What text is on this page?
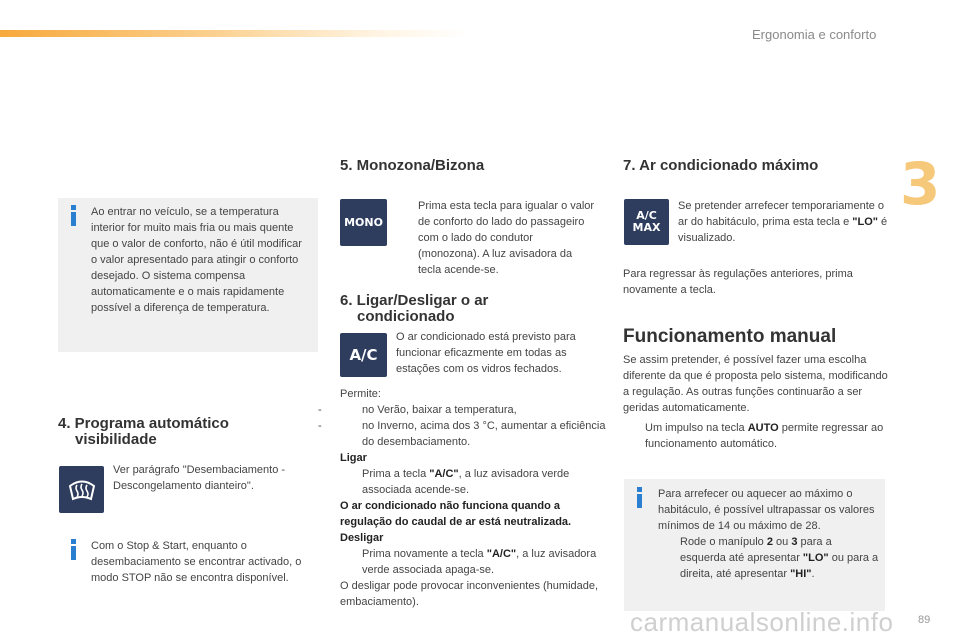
Ergonomia e conforto
3
Ao entrar no veículo, se a temperatura interior for muito mais fria ou mais quente que o valor de conforto, não é útil modificar o valor apresentado para atingir o conforto desejado. O sistema compensa automaticamente e o mais rapidamente possível a diferença de temperatura.
4. Programa automático
visibilidade
Ver parágrafo "Desembaciamento - Descongelamento dianteiro".
Com o Stop & Start, enquanto o desembaciamento se encontrar activado, o modo STOP não se encontra disponível.
5. Monozona/Bizona
MONO
Prima esta tecla para igualar o valor de conforto do lado do passageiro com o lado do condutor (monozona). A luz avisadora da tecla acende-se.
6. Ligar/Desligar o ar
condicionado
A/C
O ar condicionado está previsto para funcionar eficazmente em todas as estações com os vidros fechados.
Permite:
-	no Verão, baixar a temperatura,
-	no Inverno, acima dos 3 °C, aumentar a eficiência do desembaciamento.
Ligar
Prima a tecla "A/C", a luz avisadora verde associada acende-se.
O ar condicionado não funciona quando a regulação do caudal de ar está neutralizada.
Desligar
Prima novamente a tecla "A/C", a luz avisadora verde associada apaga-se.
O desligar pode provocar inconvenientes (humidade, embaciamento).
7. Ar condicionado máximo
A/C
MAX
Se pretender arrefecer temporariamente o ar do habitáculo, prima esta tecla e "LO" é visualizado.
Para regressar às regulações anteriores, prima novamente a tecla.
Funcionamento manual
Se assim pretender, é possível fazer uma escolha diferente da que é proposta pelo sistema, modificando a regulação. As outras funções continuarão a ser geridas automaticamente.
Um impulso na tecla AUTO permite regressar ao funcionamento automático.
Para arrefecer ou aquecer ao máximo o habitáculo, é possível ultrapassar os valores mínimos de 14 ou máximo de 28.
Rode o manípulo 2 ou 3 para a esquerda até apresentar "LO" ou para a direita, até apresentar "HI".
carmanualsonline.info 89
